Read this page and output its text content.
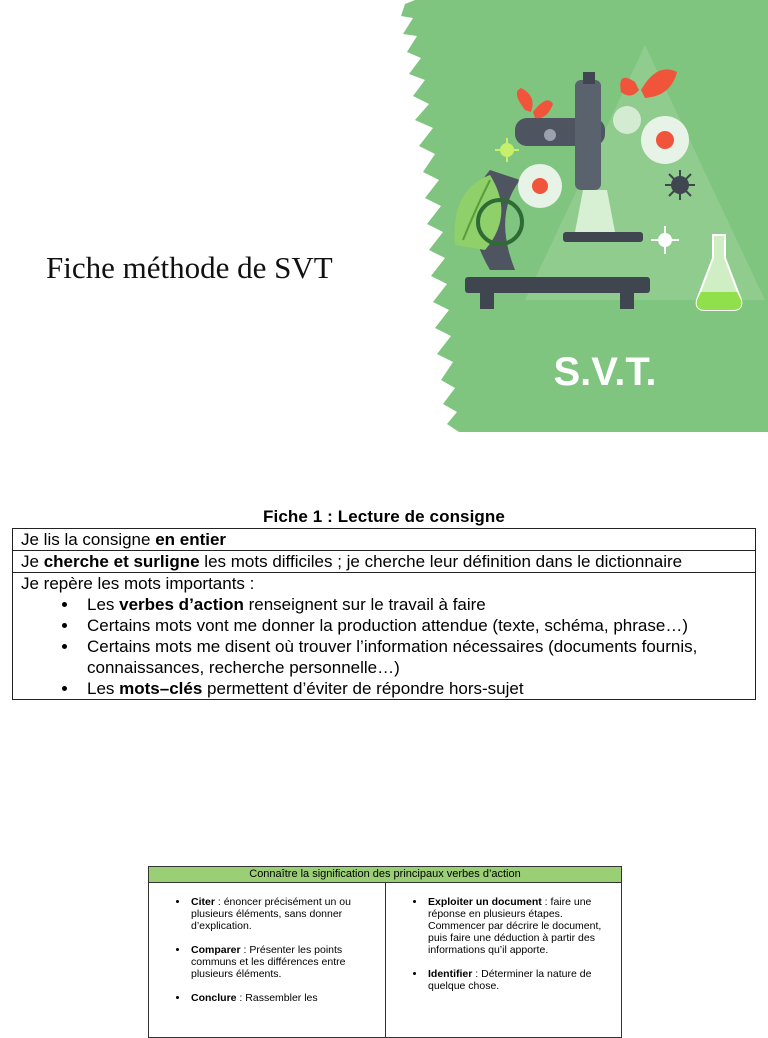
Fiche méthode de SVT
S.V.T.
Fiche 1 : Lecture de consigne
Je lis la consigne en entier
Je cherche et surligne les mots difficiles ; je cherche leur définition dans le dictionnaire

Je repère les mots importants :
• Les verbes d’action renseignent sur le travail à faire
• Certains mots vont me donner la production attendue (texte, schéma, phrase…)
• Certains mots me disent où trouver l’information nécessaires (documents fournis, connaissances, recherche personnelle…)
• Les mots–clés permettent d’éviter de répondre hors-sujet
Connaître la signification des principaux verbes d’action
• Citer : énoncer précisément un ou plusieurs éléments, sans donner d’explication.
• Comparer : Présenter les points communs et les différences entre plusieurs éléments.
• Conclure : Rassembler les
• Exploiter un document : faire une réponse en plusieurs étapes. Commencer par décrire le document, puis faire une déduction à partir des informations qu’il apporte.
• Identifier : Déterminer la nature de quelque chose.
